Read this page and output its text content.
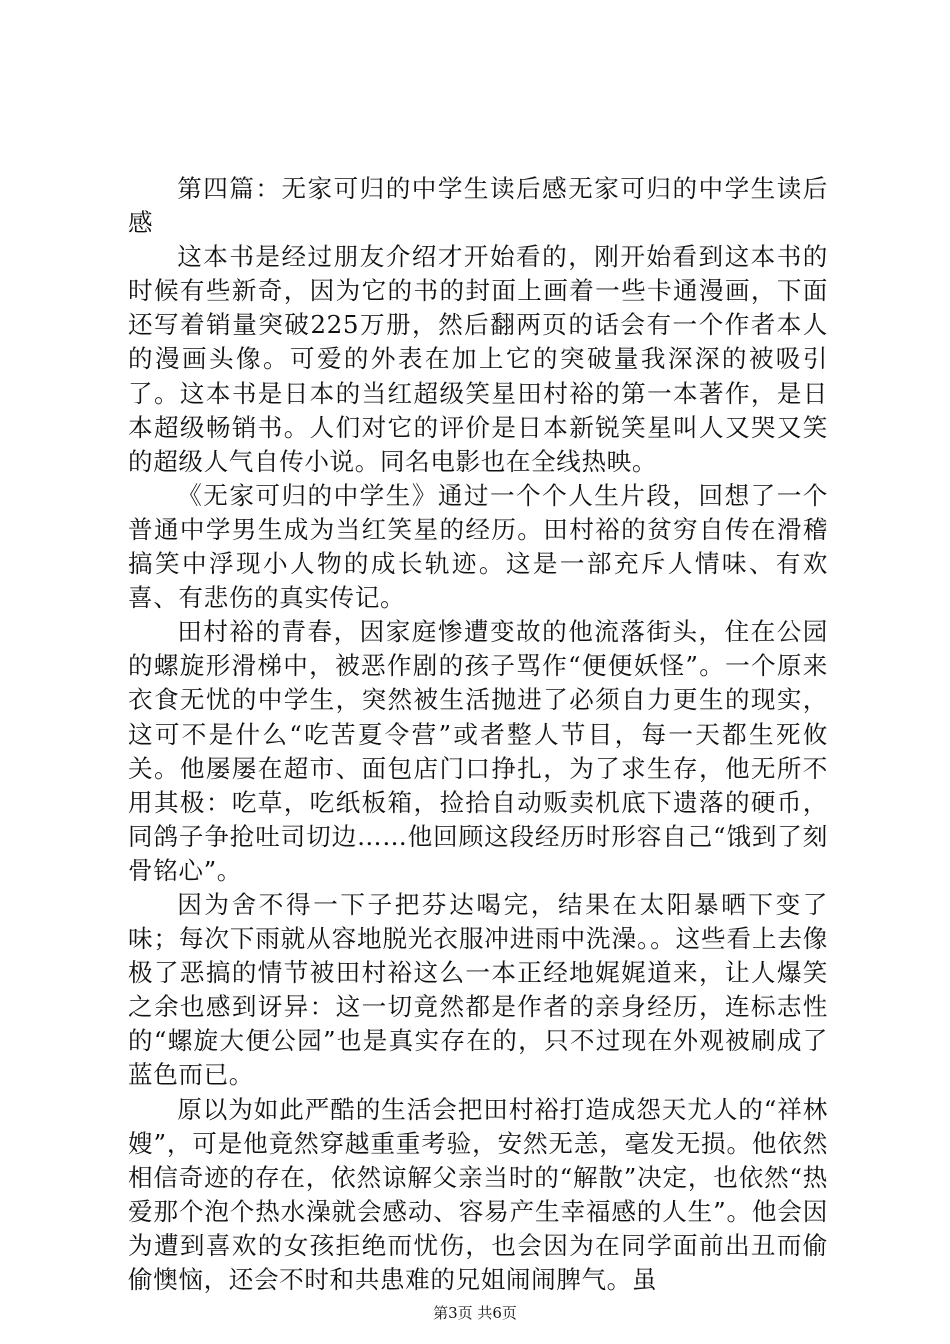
第四篇：无家可归的中学生读后感无家可归的中学生读后感

这本书是经过朋友介绍才开始看的，刚开始看到这本书的时候有些新奇，因为它的书的封面上画着一些卡通漫画，下面还写着销量突破225万册，然后翻两页的话会有一个作者本人的漫画头像。可爱的外表在加上它的突破量我深深的被吸引了。这本书是日本的当红超级笑星田村裕的第一本著作，是日本超级畅销书。人们对它的评价是日本新锐笑星叫人又哭又笑的超级人气自传小说。同名电影也在全线热映。

《无家可归的中学生》通过一个个人生片段，回想了一个普通中学男生成为当红笑星的经历。田村裕的贫穷自传在滑稽搞笑中浮现小人物的成长轨迹。这是一部充斥人情味、有欢喜、有悲伤的真实传记。

田村裕的青春，因家庭惨遭变故的他流落街头，住在公园的螺旋形滑梯中，被恶作剧的孩子骂作“便便妖怪”。一个原来衣食无忧的中学生，突然被生活抛进了必须自力更生的现实，这可不是什么“吃苦夏令营”或者整人节目，每一天都生死攸关。他屡屡在超市、面包店门口挣扎，为了求生存，他无所不用其极：吃草，吃纸板箱，捡拾自动贩卖机底下遗落的硬币，同鸽子争抢吐司切边……他回顾这段经历时形容自己“饿到了刻骨铭心”。

因为舍不得一下子把芬达喝完，结果在太阳暴晒下变了味；每次下雨就从容地脱光衣服冲进雨中洗澡。。这些看上去像极了恶搞的情节被田村裕这么一本正经地娓娓道来，让人爆笑之余也感到讶异：这一切竟然都是作者的亲身经历，连标志性的“螺旋大便公园”也是真实存在的，只不过现在外观被刷成了蓝色而已。

原以为如此严酷的生活会把田村裕打造成怨天尤人的“祥林嫂”，可是他竟然穿越重重考验，安然无恙，毫发无损。他依然相信奇迹的存在，依然谅解父亲当时的“解散”决定，也依然“热爱那个泡个热水澡就会感动、容易产生幸福感的人生”。他会因为遭到喜欢的女孩拒绝而忧伤，也会因为在同学面前出丑而偷偷懊恼，还会不时和共患难的兄姐闹闹脾气。虽

第3页 共6页
